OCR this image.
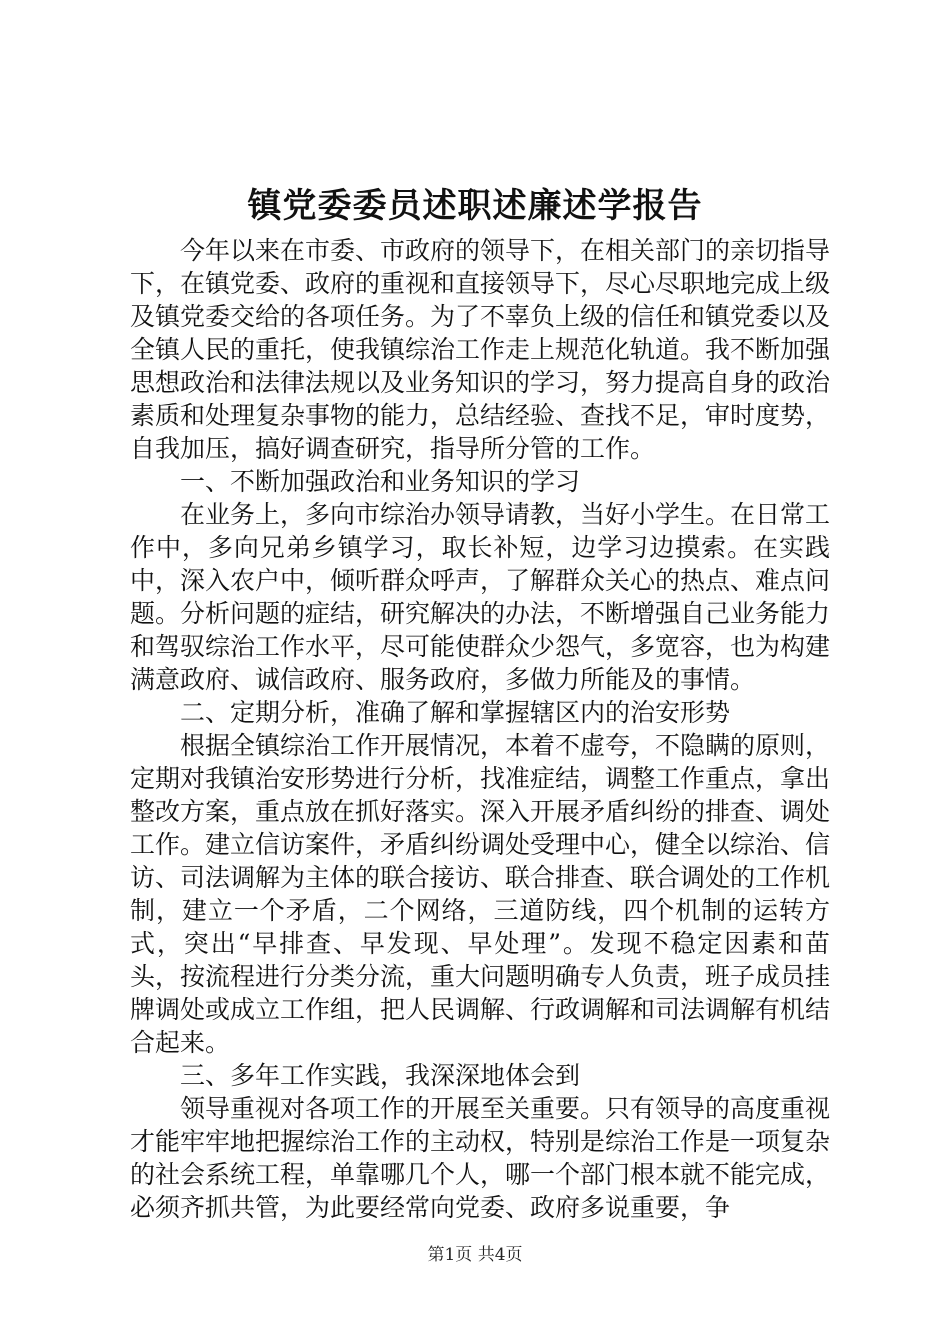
镇党委委员述职述廉述学报告

今年以来在市委、市政府的领导下，在相关部门的亲切指导下，在镇党委、政府的重视和直接领导下，尽心尽职地完成上级及镇党委交给的各项任务。为了不辜负上级的信任和镇党委以及全镇人民的重托，使我镇综治工作走上规范化轨道。我不断加强思想政治和法律法规以及业务知识的学习，努力提高自身的政治素质和处理复杂事物的能力，总结经验、查找不足，审时度势，自我加压，搞好调查研究，指导所分管的工作。

一、不断加强政治和业务知识的学习

在业务上，多向市综治办领导请教，当好小学生。在日常工作中，多向兄弟乡镇学习，取长补短，边学习边摸索。在实践中，深入农户中，倾听群众呼声，了解群众关心的热点、难点问题。分析问题的症结，研究解决的办法，不断增强自己业务能力和驾驭综治工作水平，尽可能使群众少怨气，多宽容，也为构建满意政府、诚信政府、服务政府，多做力所能及的事情。

二、定期分析，准确了解和掌握辖区内的治安形势

根据全镇综治工作开展情况，本着不虚夸，不隐瞒的原则，定期对我镇治安形势进行分析，找准症结，调整工作重点，拿出整改方案，重点放在抓好落实。深入开展矛盾纠纷的排查、调处工作。建立信访案件，矛盾纠纷调处受理中心，健全以综治、信访、司法调解为主体的联合接访、联合排查、联合调处的工作机制，建立一个矛盾，二个网络，三道防线，四个机制的运转方式，突出“早排查、早发现、早处理”。发现不稳定因素和苗头，按流程进行分类分流，重大问题明确专人负责，班子成员挂牌调处或成立工作组，把人民调解、行政调解和司法调解有机结合起来。

三、多年工作实践，我深深地体会到

领导重视对各项工作的开展至关重要。只有领导的高度重视才能牢牢地把握综治工作的主动权，特别是综治工作是一项复杂的社会系统工程，单靠哪几个人，哪一个部门根本就不能完成，必须齐抓共管，为此要经常向党委、政府多说重要，争

第1页 共4页
